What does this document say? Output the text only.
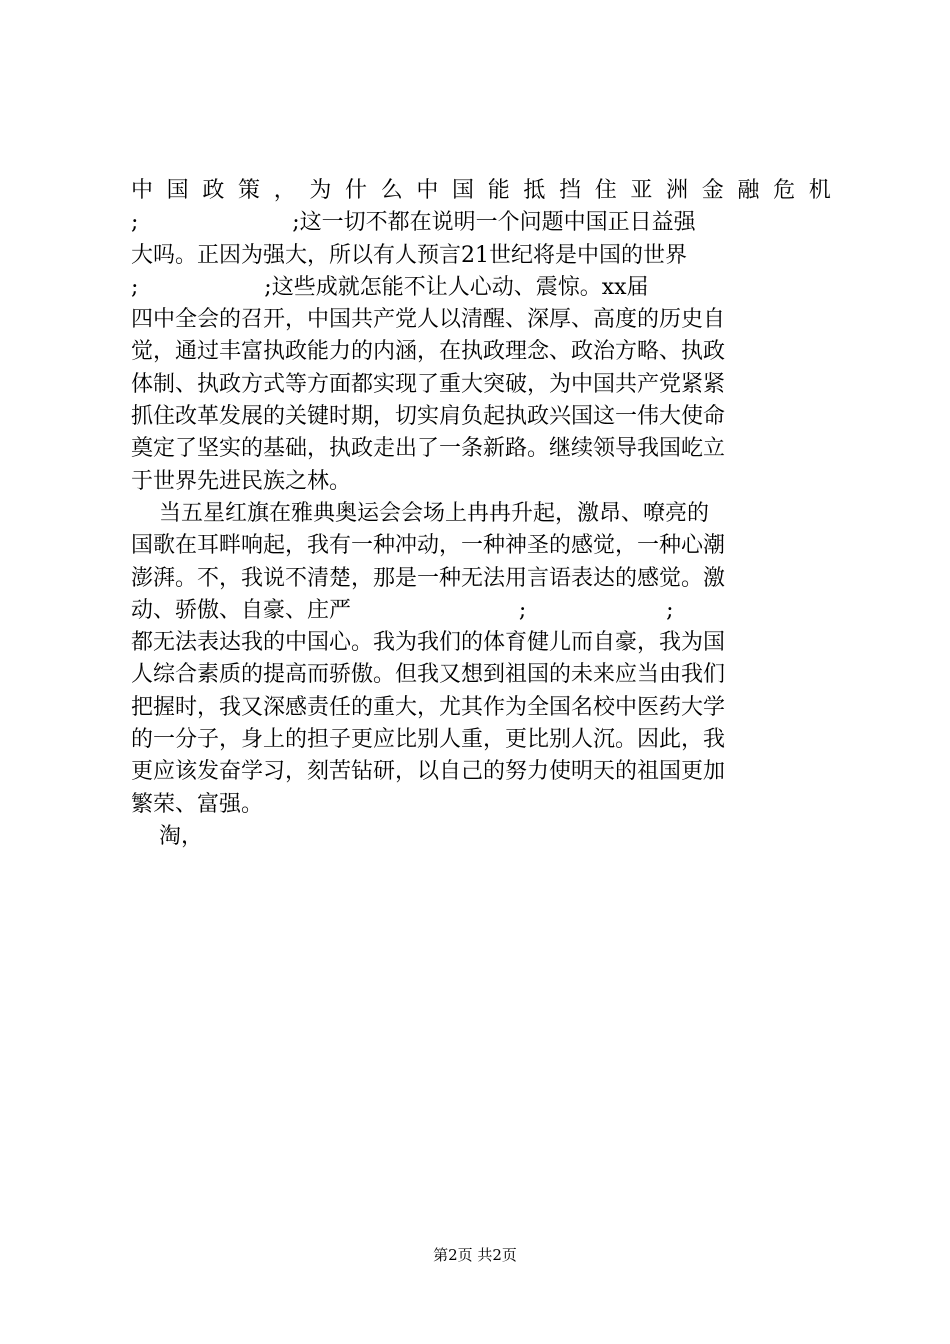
中 国 政 策 ， 为 什 么 中 国 能 抵 挡 住 亚 洲 金 融 危 机
;                      ;这一切不都在说明一个问题中国正日益强
大吗。正因为强大，所以有人预言21世纪将是中国的世界
;                  ;这些成就怎能不让人心动、震惊。xx届
四中全会的召开，中国共产党人以清醒、深厚、高度的历史自
觉，通过丰富执政能力的内涵，在执政理念、政治方略、执政
体制、执政方式等方面都实现了重大突破，为中国共产党紧紧
抓住改革发展的关键时期，切实肩负起执政兴国这一伟大使命
奠定了坚实的基础，执政走出了一条新路。继续领导我国屹立
于世界先进民族之林。
当五星红旗在雅典奥运会会场上冉冉升起，激昂、嘹亮的
国歌在耳畔响起，我有一种冲动，一种神圣的感觉，一种心潮
澎湃。不，我说不清楚，那是一种无法用言语表达的感觉。激
动、骄傲、自豪、庄严                        ;                    ;
都无法表达我的中国心。我为我们的体育健儿而自豪，我为国
人综合素质的提高而骄傲。但我又想到祖国的未来应当由我们
把握时，我又深感责任的重大，尤其作为全国名校中医药大学
的一分子，身上的担子更应比别人重，更比别人沉。因此，我
更应该发奋学习，刻苦钻研，以自己的努力使明天的祖国更加
繁荣、富强。
淘，
第2页 共2页
